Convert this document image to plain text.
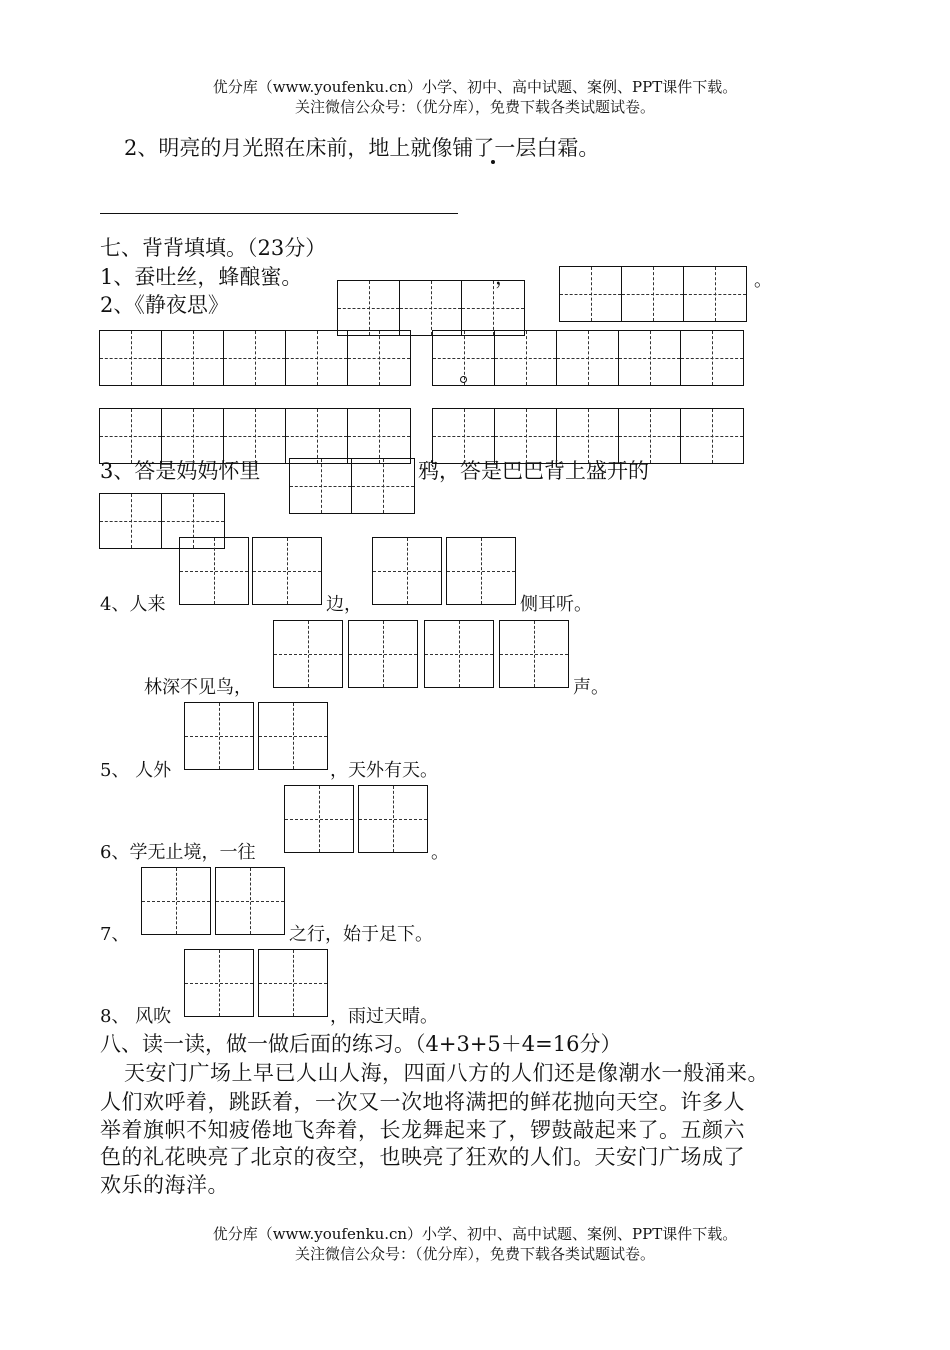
优分库（www.youfenku.cn）小学、初中、高中试题、案例、PPT课件下载。
关注微信公众号：（优分库），免费下载各类试题试卷。
2、明亮的月光照在床前，地上就像铺了一层白霜。
七、背背填填。（23分）
1、蚕吐丝，蜂酿蜜。	，	。
2、《静夜思》
3、答是妈妈怀里	鸦，答是巴巴背上盛开的
4、人来	边，	侧耳听。
林深不见鸟，	声。
5、 人外	，天外有天。
6、学无止境，一往	。
7、	之行，始于足下。
8、 风吹	，雨过天晴。
八、读一读，做一做后面的练习。（4+3+5＋4=16分）
天安门广场上早已人山人海，四面八方的人们还是像潮水一般涌来。
人们欢呼着，跳跃着，一次又一次地将满把的鲜花抛向天空。许多人
举着旗帜不知疲倦地飞奔着，长龙舞起来了，锣鼓敲起来了。五颜六
色的礼花映亮了北京的夜空，也映亮了狂欢的人们。天安门广场成了
欢乐的海洋。
优分库（www.youfenku.cn）小学、初中、高中试题、案例、PPT课件下载。
关注微信公众号：（优分库），免费下载各类试题试卷。
